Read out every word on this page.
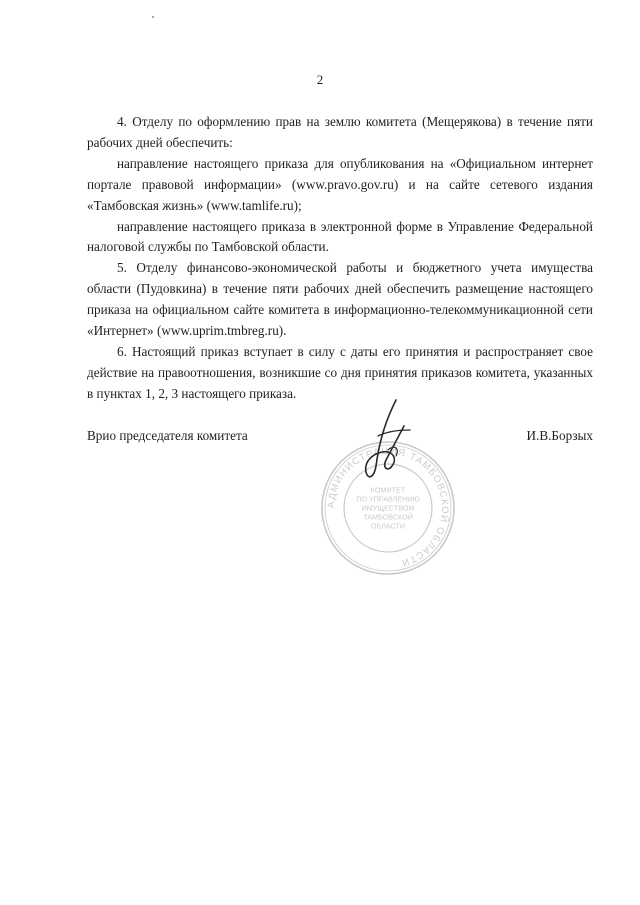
2

4. Отделу по оформлению прав на землю комитета (Мещерякова) в течение пяти рабочих дней обеспечить:

направление настоящего приказа для опубликования на «Официальном интернет портале правовой информации» (www.pravo.gov.ru) и на сайте сетевого издания «Тамбовская жизнь» (www.tamlife.ru);

направление настоящего приказа в электронной форме в Управление Федеральной налоговой службы по Тамбовской области.

5. Отделу финансово-экономической работы и бюджетного учета имущества области (Пудовкина) в течение пяти рабочих дней обеспечить размещение настоящего приказа на официальном сайте комитета в информационно-телекоммуникационной сети «Интернет» (www.uprim.tmbreg.ru).

6. Настоящий приказ вступает в силу с даты его принятия и распространяет свое действие на правоотношения, возникшие со дня принятия приказов комитета, указанных в пунктах 1, 2, 3 настоящего приказа.

Врио председателя комитета	И.В.Борзых
АДМИНИСТРАЦИЯ ТАМБОВСКОЙ ОБЛАСТИ
КОМИТЕТ
ПО УПРАВЛЕНИЮ
ИМУЩЕСТВОМ
ТАМБОВСКОЙ
ОБЛАСТИ
